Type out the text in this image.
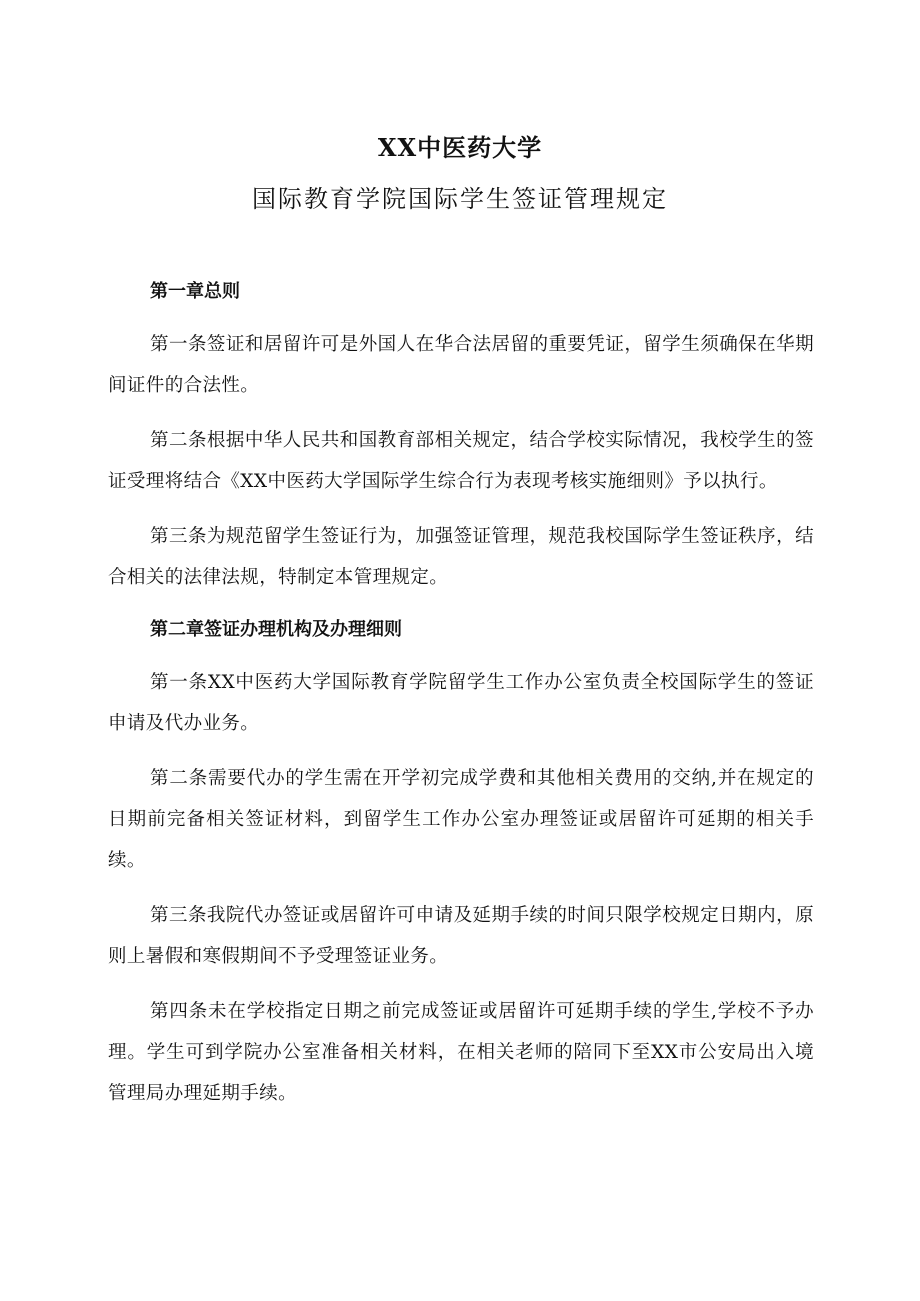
XX中医药大学
国际教育学院国际学生签证管理规定
第一章总则

第一条签证和居留许可是外国人在华合法居留的重要凭证，留学生须确保在华期间证件的合法性。

第二条根据中华人民共和国教育部相关规定，结合学校实际情况，我校学生的签证受理将结合《XX中医药大学国际学生综合行为表现考核实施细则》予以执行。

第三条为规范留学生签证行为，加强签证管理，规范我校国际学生签证秩序，结合相关的法律法规，特制定本管理规定。

第二章签证办理机构及办理细则

第一条XX中医药大学国际教育学院留学生工作办公室负责全校国际学生的签证申请及代办业务。

第二条需要代办的学生需在开学初完成学费和其他相关费用的交纳,并在规定的日期前完备相关签证材料，到留学生工作办公室办理签证或居留许可延期的相关手续。

第三条我院代办签证或居留许可申请及延期手续的时间只限学校规定日期内，原则上暑假和寒假期间不予受理签证业务。

第四条未在学校指定日期之前完成签证或居留许可延期手续的学生,学校不予办理。学生可到学院办公室准备相关材料，在相关老师的陪同下至XX市公安局出入境管理局办理延期手续。
